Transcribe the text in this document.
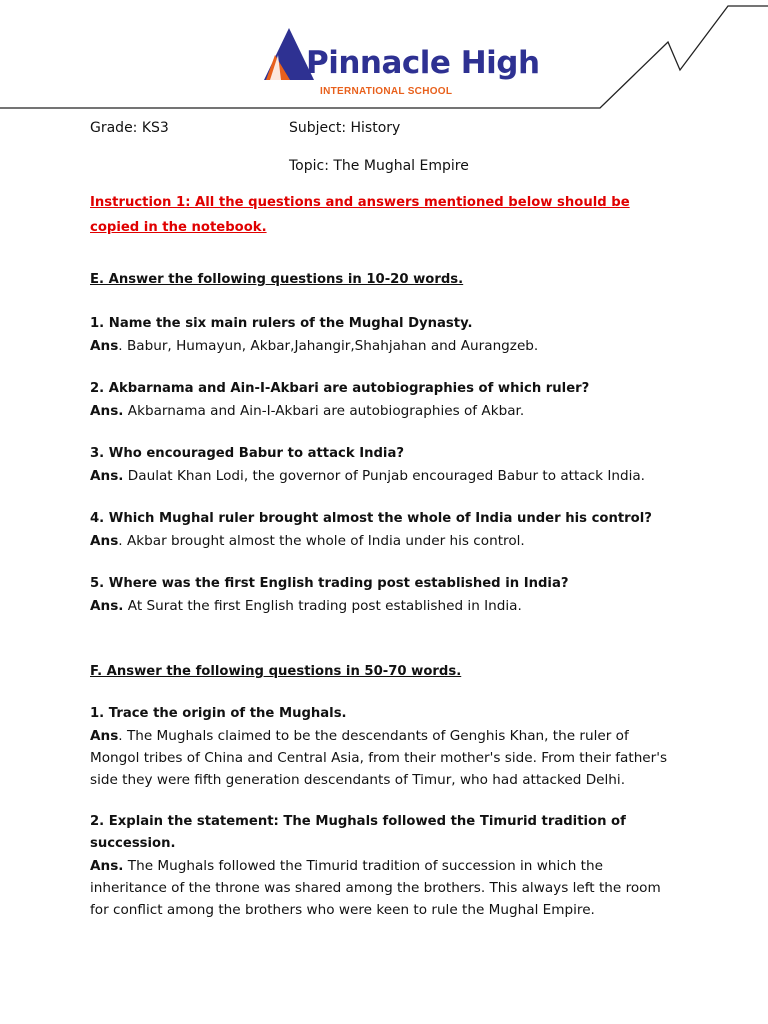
Pinnacle High
INTERNATIONAL SCHOOL
Grade: KS3	Subject: History
Topic: The Mughal Empire

Instruction 1: All the questions and answers mentioned below should be copied in the notebook.

E. Answer the following questions in 10-20 words.

1. Name the six main rulers of the Mughal Dynasty.

Ans. Babur, Humayun, Akbar,Jahangir,Shahjahan and Aurangzeb.

2. Akbarnama and Ain-I-Akbari are autobiographies of which ruler?

Ans. Akbarnama and Ain-I-Akbari are autobiographies of Akbar.

3. Who encouraged Babur to attack India?

Ans. Daulat Khan Lodi, the governor of Punjab encouraged Babur to attack India.

4. Which Mughal ruler brought almost the whole of India under his control?

Ans. Akbar brought almost the whole of India under his control.

5. Where was the first English trading post established in India?

Ans. At Surat the first English trading post established in India.

F. Answer the following questions in 50-70 words.

1. Trace the origin of the Mughals.

Ans. The Mughals claimed to be the descendants of Genghis Khan, the ruler of Mongol tribes of China and Central Asia, from their mother's side. From their father's side they were fifth generation descendants of Timur, who had attacked Delhi.

2. Explain the statement: The Mughals followed the Timurid tradition of succession.

Ans. The Mughals followed the Timurid tradition of succession in which the inheritance of the throne was shared among the brothers. This always left the room for conflict among the brothers who were keen to rule the Mughal Empire.
